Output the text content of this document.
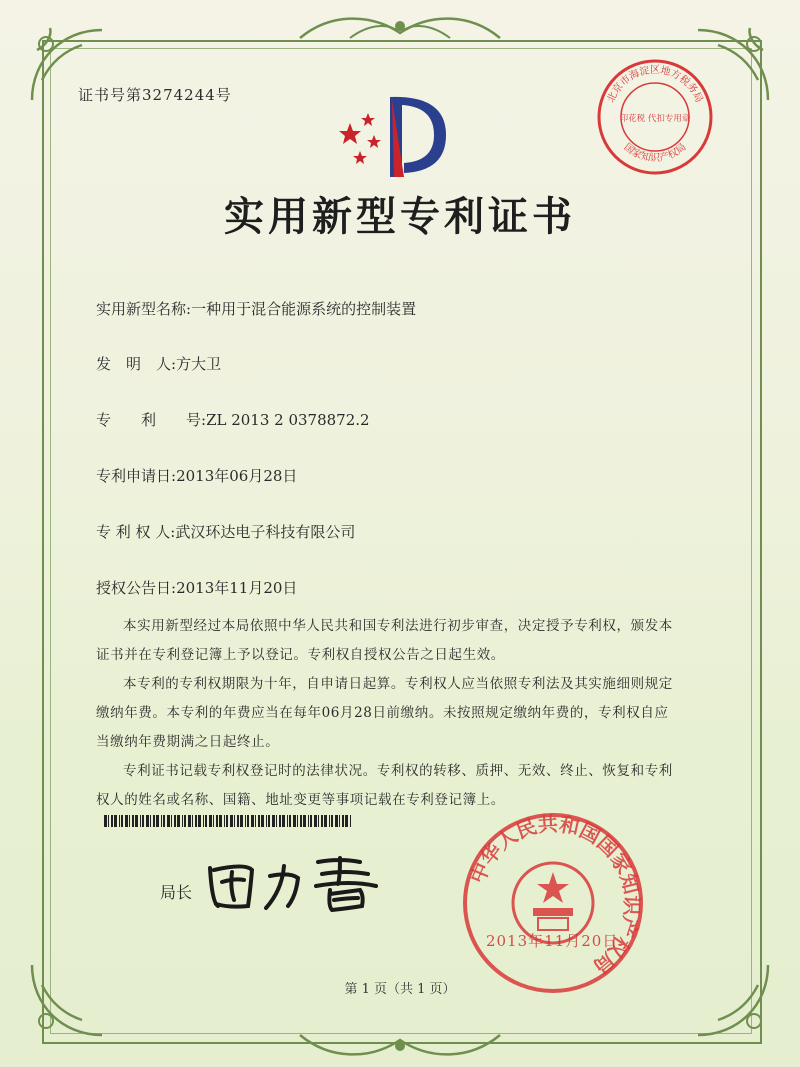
证书号第3274244号
实用新型专利证书
实用新型名称:一种用于混合能源系统的控制装置
发　明　人:方大卫
专　　利　　号:ZL 2013 2 0378872.2
专利申请日:2013年06月28日
专 利 权 人:武汉环达电子科技有限公司
授权公告日:2013年11月20日

本实用新型经过本局依照中华人民共和国专利法进行初步审查，决定授予专利权，颁发本证书并在专利登记簿上予以登记。专利权自授权公告之日起生效。

本专利的专利权期限为十年，自申请日起算。专利权人应当依照专利法及其实施细则规定缴纳年费。本专利的年费应当在每年06月28日前缴纳。未按照规定缴纳年费的，专利权自应当缴纳年费期满之日起终止。

专利证书记载专利权登记时的法律状况。专利权的转移、质押、无效、终止、恢复和专利权人的姓名或名称、国籍、地址变更等事项记载在专利登记簿上。

局长
北京市海淀区地方税务局
国家知识产权局
印花税 代扣专用章
中华人民共和国国家知识产权局
2013年11月20日
第 1 页（共 1 页）
